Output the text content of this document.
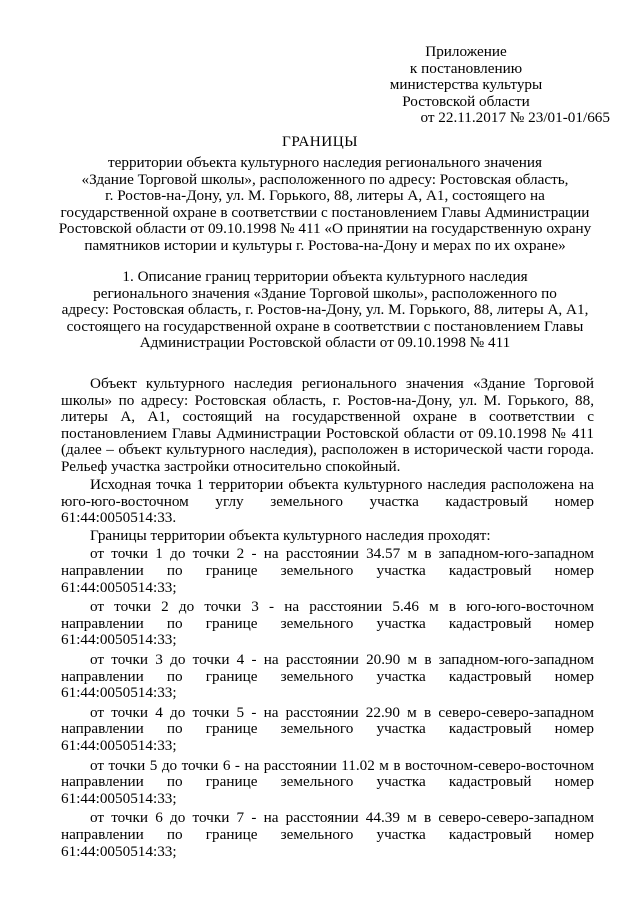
Приложение
к постановлению
министерства культуры
Ростовской области
от 22.11.2017 № 23/01-01/665
ГРАНИЦЫ
территории объекта культурного наследия регионального значения
«Здание Торговой школы», расположенного по адресу: Ростовская область,
г. Ростов-на-Дону, ул. М. Горького, 88, литеры А, А1, состоящего на
государственной охране в соответствии с постановлением Главы Администрации
Ростовской области от 09.10.1998 № 411 «О принятии на государственную охрану
памятников истории и культуры г. Ростова-на-Дону и мерах по их охране»
1. Описание границ территории объекта культурного наследия
регионального значения «Здание Торговой школы», расположенного по
адресу: Ростовская область, г. Ростов-на-Дону, ул. М. Горького, 88, литеры А, А1,
состоящего на государственной охране в соответствии с постановлением Главы
Администрации Ростовской области от 09.10.1998 № 411

Объект культурного наследия регионального значения «Здание Торговой школы» по адресу: Ростовская область, г. Ростов-на-Дону, ул. М. Горького, 88, литеры А, А1, состоящий на государственной охране в соответствии с постановлением Главы Администрации Ростовской области от 09.10.1998 № 411 (далее – объект культурного наследия), расположен в исторической части города. Рельеф участка застройки относительно спокойный.

Исходная точка 1 территории объекта культурного наследия расположена на юго-юго-восточном углу земельного участка кадастровый номер 61:44:0050514:33.

Границы территории объекта культурного наследия проходят:

от точки 1 до точки 2 - на расстоянии 34.57 м в западном-юго-западном направлении по границе земельного участка кадастровый номер 61:44:0050514:33;

от точки 2 до точки 3 - на расстоянии 5.46 м в юго-юго-восточном направлении по границе земельного участка кадастровый номер 61:44:0050514:33;

от точки 3 до точки 4 - на расстоянии 20.90 м в западном-юго-западном направлении по границе земельного участка кадастровый номер 61:44:0050514:33;

от точки 4 до точки 5 - на расстоянии 22.90 м в северо-северо-западном направлении по границе земельного участка кадастровый номер 61:44:0050514:33;

от точки 5 до точки 6 - на расстоянии 11.02 м в восточном-северо-восточном направлении по границе земельного участка кадастровый номер 61:44:0050514:33;

от точки 6 до точки 7 - на расстоянии 44.39 м в северо-северо-западном направлении по границе земельного участка кадастровый номер 61:44:0050514:33;
